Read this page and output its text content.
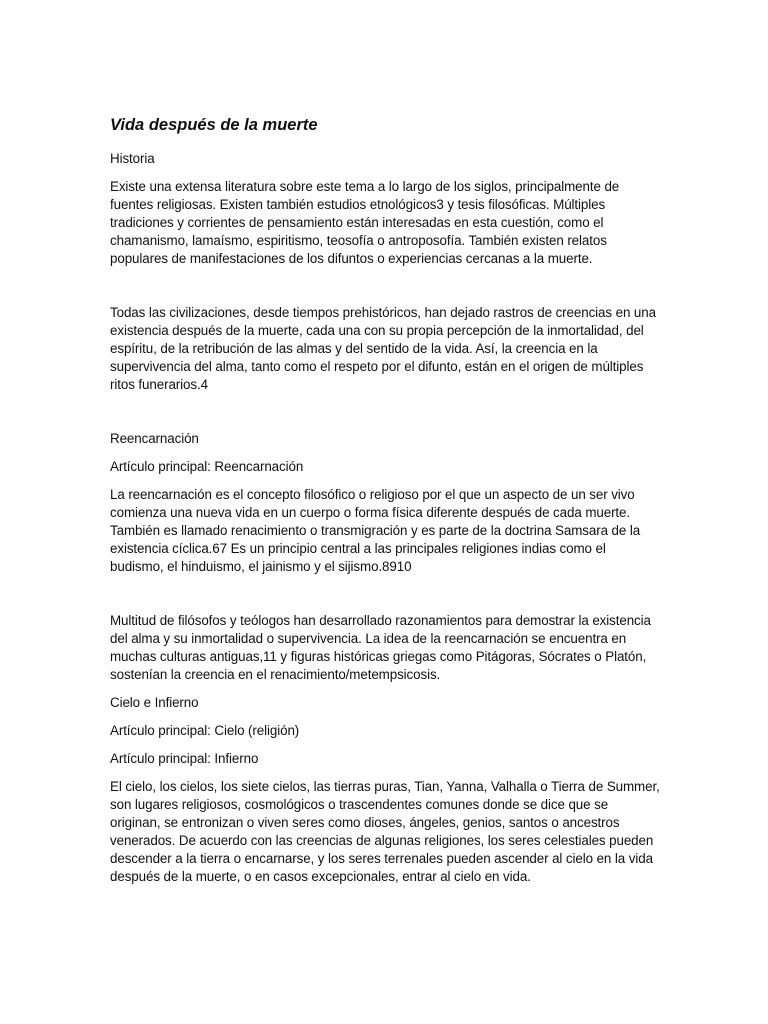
Vida después de la muerte

Historia

Existe una extensa literatura sobre este tema a lo largo de los siglos, principalmente de fuentes religiosas. Existen también estudios etnológicos3 y tesis filosóficas. Múltiples tradiciones y corrientes de pensamiento están interesadas en esta cuestión, como el chamanismo, lamaísmo, espiritismo, teosofía o antroposofía. También existen relatos populares de manifestaciones de los difuntos o experiencias cercanas a la muerte.

Todas las civilizaciones, desde tiempos prehistóricos, han dejado rastros de creencias en una existencia después de la muerte, cada una con su propia percepción de la inmortalidad, del espíritu, de la retribución de las almas y del sentido de la vida. Así, la creencia en la supervivencia del alma, tanto como el respeto por el difunto, están en el origen de múltiples ritos funerarios.4

Reencarnación

Artículo principal: Reencarnación

La reencarnación es el concepto filosófico o religioso por el que un aspecto de un ser vivo comienza una nueva vida en un cuerpo o forma física diferente después de cada muerte. También es llamado renacimiento o transmigración y es parte de la doctrina Samsara de la existencia cíclica.67 Es un principio central a las principales religiones indias como el budismo, el hinduismo, el jainismo y el sijismo.8910

Multitud de filósofos y teólogos han desarrollado razonamientos para demostrar la existencia del alma y su inmortalidad o supervivencia. La idea de la reencarnación se encuentra en muchas culturas antiguas,11 y figuras históricas griegas como Pitágoras, Sócrates o Platón, sostenían la creencia en el renacimiento/metempsicosis.

Cielo e Infierno

Artículo principal: Cielo (religión)

Artículo principal: Infierno

El cielo, los cielos, los siete cielos, las tierras puras, Tian, Yanna, Valhalla o Tierra de Summer, son lugares religiosos, cosmológicos o trascendentes comunes donde se dice que se originan, se entronizan o viven seres como dioses, ángeles, genios, santos o ancestros venerados. De acuerdo con las creencias de algunas religiones, los seres celestiales pueden descender a la tierra o encarnarse, y los seres terrenales pueden ascender al cielo en la vida después de la muerte, o en casos excepcionales, entrar al cielo en vida.
